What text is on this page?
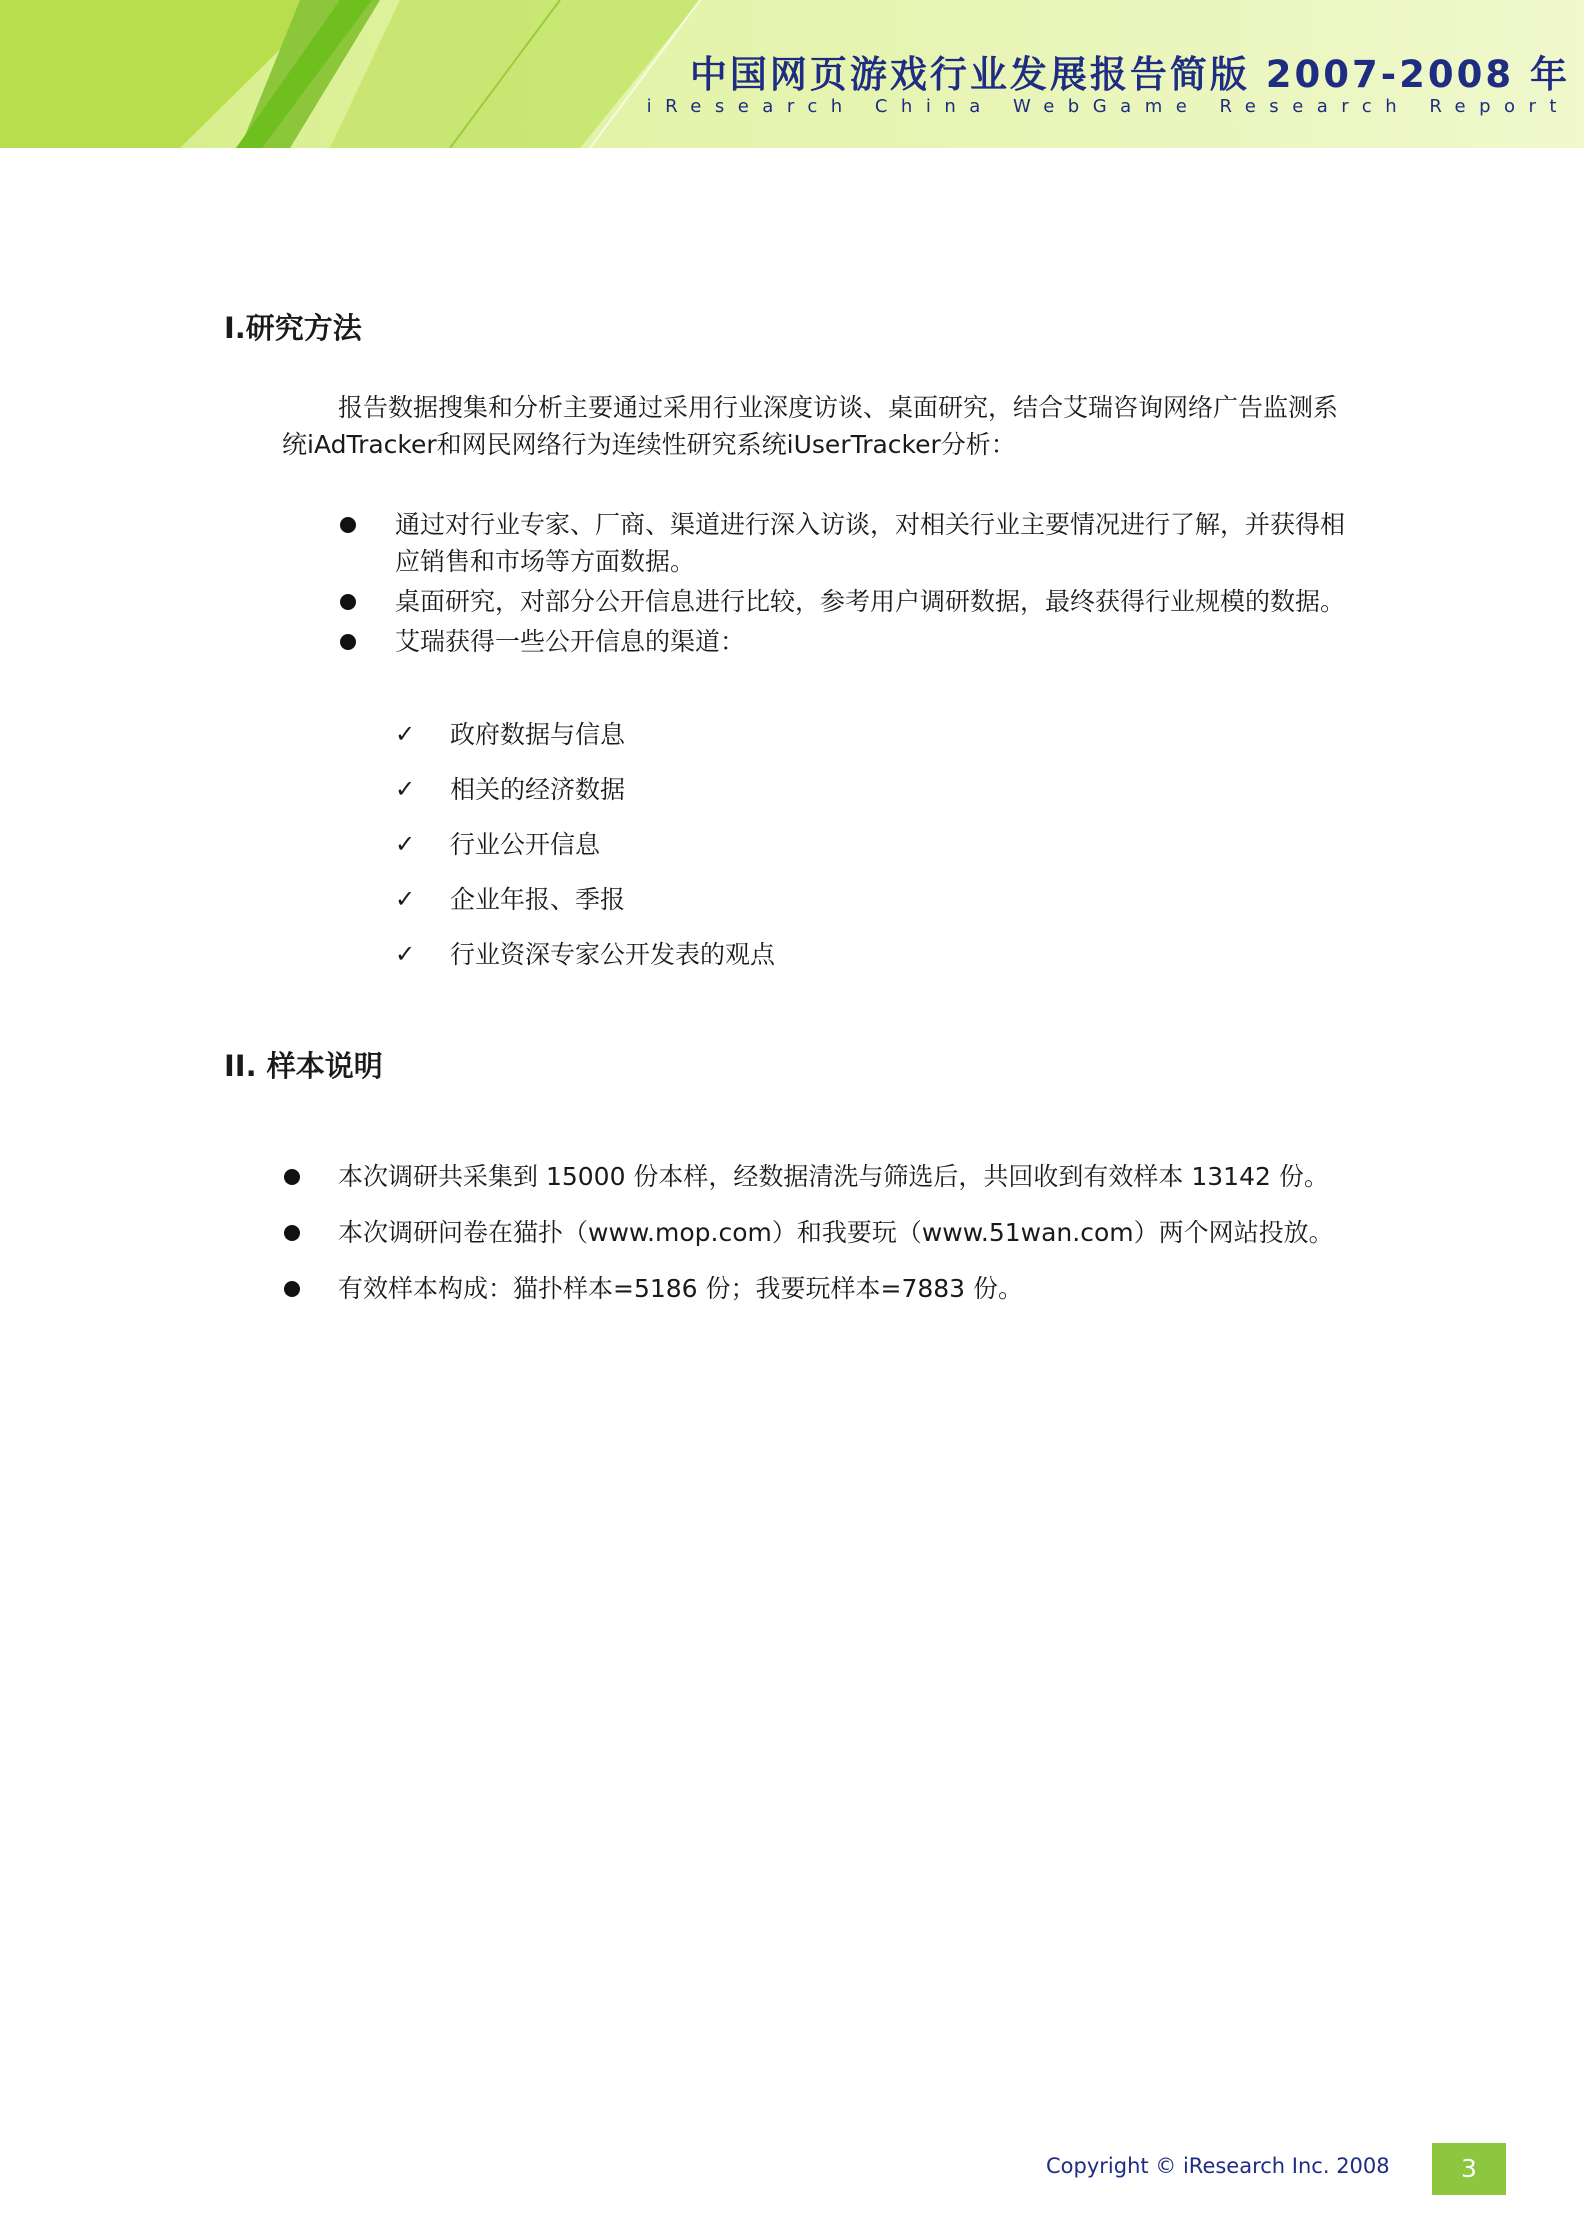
中国网页游戏行业发展报告简版 2007-2008 年
iResearch China WebGame Research Report
I.研究方法
报告数据搜集和分析主要通过采用行业深度访谈、桌面研究，结合艾瑞咨询网络广告监测系统iAdTracker和网民网络行为连续性研究系统iUserTracker分析：
通过对行业专家、厂商、渠道进行深入访谈，对相关行业主要情况进行了解，并获得相应销售和市场等方面数据。
桌面研究，对部分公开信息进行比较，参考用户调研数据，最终获得行业规模的数据。
艾瑞获得一些公开信息的渠道：
✓ 政府数据与信息
✓ 相关的经济数据
✓ 行业公开信息
✓ 企业年报、季报
✓ 行业资深专家公开发表的观点
II. 样本说明
本次调研共采集到 15000 份本样，经数据清洗与筛选后，共回收到有效样本 13142 份。
本次调研问卷在猫扑（www.mop.com）和我要玩（www.51wan.com）两个网站投放。
有效样本构成：猫扑样本=5186 份；我要玩样本=7883 份。
Copyright © iResearch Inc. 2008	3
